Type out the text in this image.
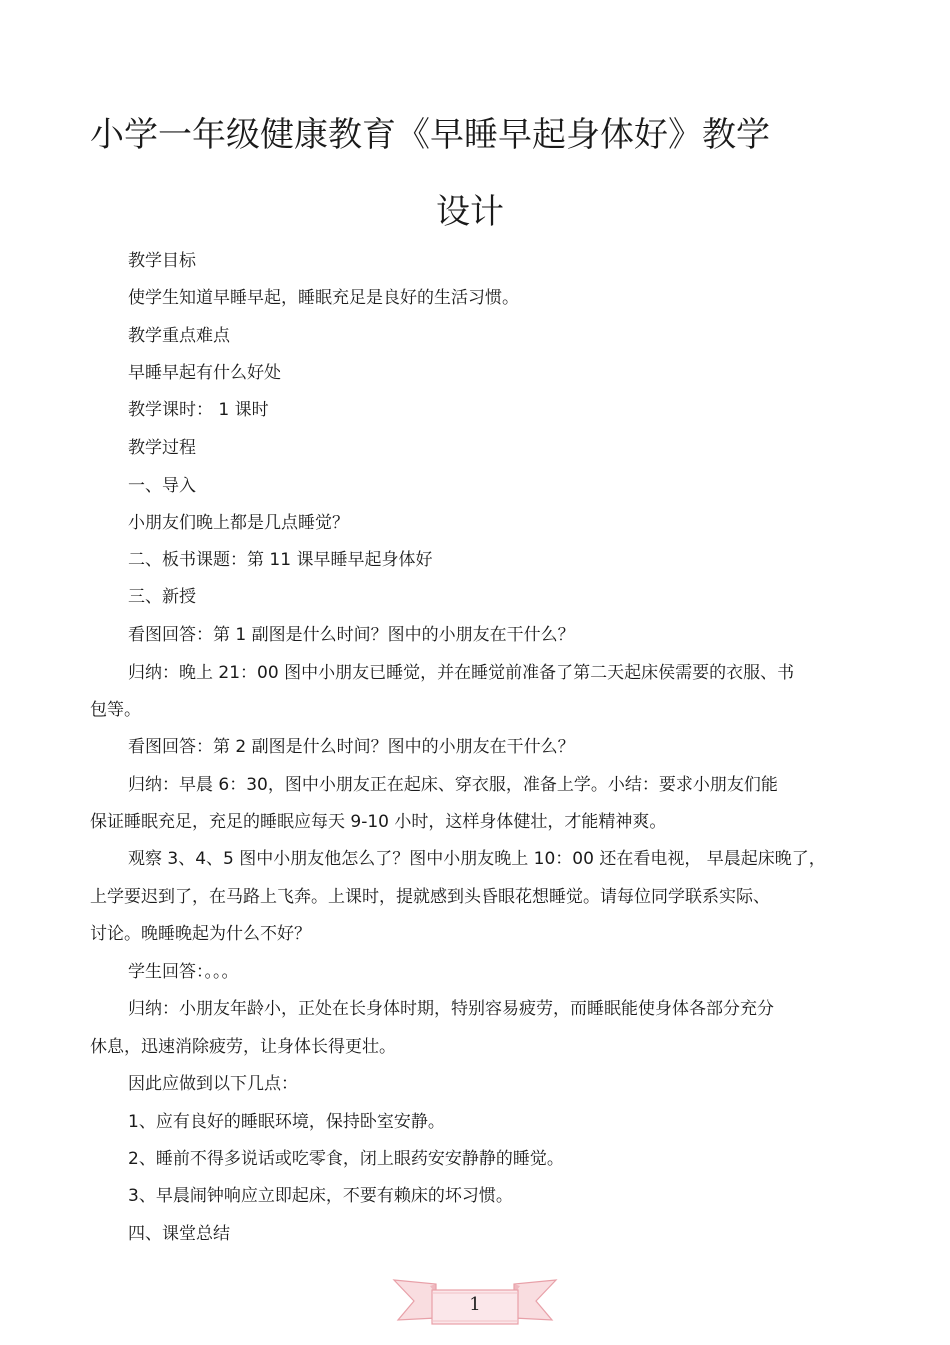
小学一年级健康教育《早睡早起身体好》教学
设计

教学目标

使学生知道早睡早起，睡眠充足是良好的生活习惯。

教学重点难点

早睡早起有什么好处

教学课时： 1 课时

教学过程

一、导入

小朋友们晚上都是几点睡觉？

二、板书课题：第 11 课早睡早起身体好

三、新授

看图回答：第 1 副图是什么时间？图中的小朋友在干什么？

归纳：晚上 21：00 图中小朋友已睡觉，并在睡觉前准备了第二天起床侯需要的衣服、书

包等。

看图回答：第 2 副图是什么时间？图中的小朋友在干什么？

归纳：早晨 6：30，图中小朋友正在起床、穿衣服，准备上学。小结：要求小朋友们能

保证睡眠充足，充足的睡眠应每天 9-10 小时，这样身体健壮，才能精神爽。

观察 3、4、5 图中小朋友他怎么了？图中小朋友晚上 10：00 还在看电视， 早晨起床晚了，

上学要迟到了，在马路上飞奔。上课时，提就感到头昏眼花想睡觉。请每位同学联系实际、

讨论。晚睡晚起为什么不好？

学生回答：。。。

归纳：小朋友年龄小，正处在长身体时期，特别容易疲劳，而睡眠能使身体各部分充分

休息，迅速消除疲劳，让身体长得更壮。

因此应做到以下几点：

1、应有良好的睡眠环境，保持卧室安静。

2、睡前不得多说话或吃零食，闭上眼药安安静静的睡觉。

3、早晨闹钟响应立即起床，不要有赖床的坏习惯。

四、课堂总结

1
